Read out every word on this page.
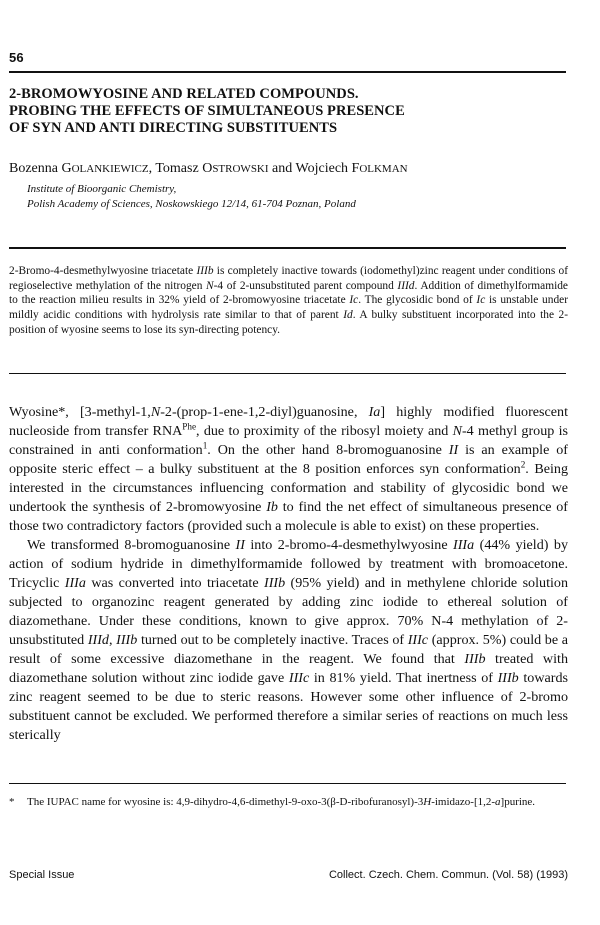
56
2-BROMOWYOSINE AND RELATED COMPOUNDS.
PROBING THE EFFECTS OF SIMULTANEOUS PRESENCE
OF SYN AND ANTI DIRECTING SUBSTITUENTS
Bozenna GOLANKIEWICZ, Tomasz OSTROWSKI and Wojciech FOLKMAN
Institute of Bioorganic Chemistry,
Polish Academy of Sciences, Noskowskiego 12/14, 61-704 Poznan, Poland

2-Bromo-4-desmethylwyosine triacetate IIIb is completely inactive towards (iodomethyl)zinc reagent under conditions of regioselective methylation of the nitrogen N-4 of 2-unsubstituted parent compound IIId. Addition of dimethylformamide to the reaction milieu results in 32% yield of 2-bromowyosine triacetate Ic. The glycosidic bond of Ic is unstable under mildly acidic conditions with hydrolysis rate similar to that of parent Id. A bulky substituent incorporated into the 2-position of wyosine seems to lose its syn-directing potency.

Wyosine*, [3-methyl-1,N-2-(prop-1-ene-1,2-diyl)guanosine, Ia] highly modified fluorescent nucleoside from transfer $RNA^{Phe}$, due to proximity of the ribosyl moiety and N-4 methyl group is constrained in anti conformation$^1$. On the other hand 8-bromoguanosine II is an example of opposite steric effect – a bulky substituent at the 8 position enforces syn conformation$^2$. Being interested in the circumstances influencing conformation and stability of glycosidic bond we undertook the synthesis of 2-bromowyosine Ib to find the net effect of simultaneous presence of those two contradictory factors (provided such a molecule is able to exist) on these properties.

We transformed 8-bromoguanosine II into 2-bromo-4-desmethylwyosine IIIa (44% yield) by action of sodium hydride in dimethylformamide followed by treatment with bromoacetone. Tricyclic IIIa was converted into triacetate IIIb (95% yield) and in methylene chloride solution subjected to organozinc reagent generated by adding zinc iodide to ethereal solution of diazomethane. Under these conditions, known to give approx. 70% N-4 methylation of 2-unsubstituted IIId, IIIb turned out to be completely inactive. Traces of IIIc (approx. 5%) could be a result of some excessive diazomethane in the reagent. We found that IIIb treated with diazomethane solution without zinc iodide gave IIIc in 81% yield. That inertness of IIIb towards zinc reagent seemed to be due to steric reasons. However some other influence of 2-bromo substituent cannot be excluded. We performed therefore a similar series of reactions on much less sterically

* The IUPAC name for wyosine is: 4,9-dihydro-4,6-dimethyl-9-oxo-3(β-D-ribofuranosyl)-3H-imidazo-[1,2-a]purine.
Special Issue	Collect. Czech. Chem. Commun. (Vol. 58) (1993)
